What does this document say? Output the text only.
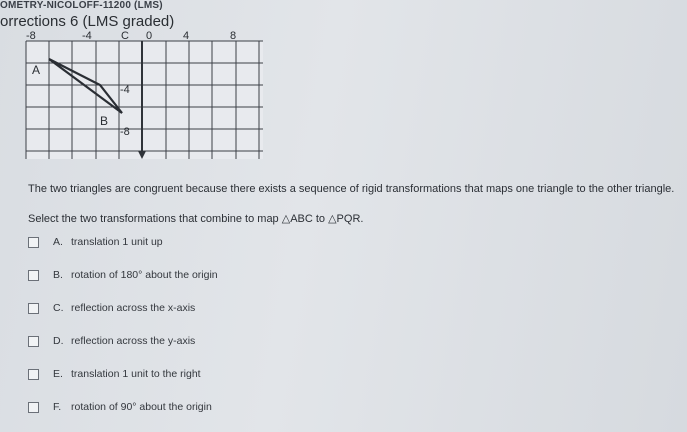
OMETRY-NICOLOFF-11200 (LMS)
orrections 6 (LMS graded)
-8	-4	0	4	8
A
B
C
-4
-8
The two triangles are congruent because there exists a sequence of rigid transformations that maps one triangle to the other triangle.
Select the two transformations that combine to map △ABC to △PQR.
A. translation 1 unit up
B. rotation of 180° about the origin
C. reflection across the x-axis
D. reflection across the y-axis
E. translation 1 unit to the right
F. rotation of 90° about the origin
